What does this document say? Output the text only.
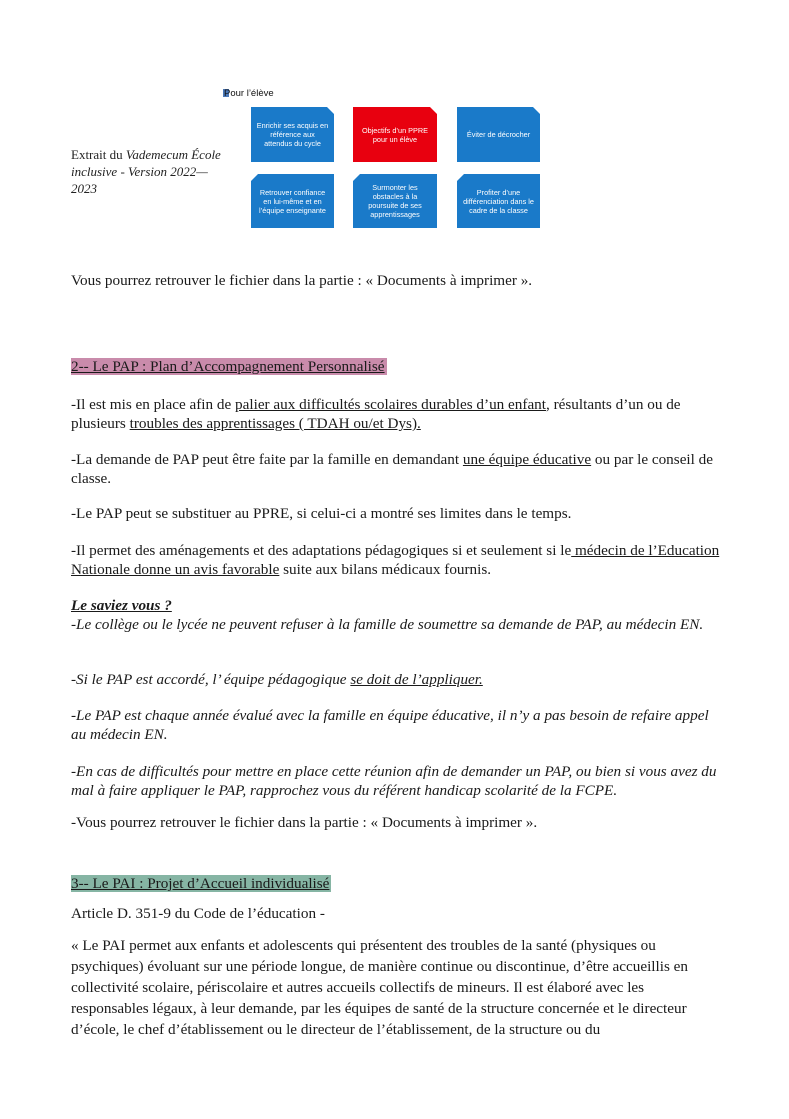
Extrait du Vademecum École inclusive - Version 2022—2023
Pour l’élève
Enrichir ses acquis en référence aux attendus du cycle
Objectifs d’un PPRE pour un élève	Éviter de décrocher
Retrouver confiance en lui-même et en l’équipe enseignante
Surmonter les obstacles à la poursuite de ses apprentissages
Profiter d’une différenciation dans le cadre de la classe
Vous pourrez retrouver le fichier dans la partie : « Documents à imprimer ».
2-- Le PAP : Plan d’Accompagnement Personnalisé
-Il est mis en place afin de palier aux difficultés scolaires durables d’un enfant, résultants d’un ou de plusieurs troubles des apprentissages ( TDAH ou/et Dys).
-La demande de PAP peut être faite par la famille en demandant une équipe éducative ou par le conseil de classe.
-Le PAP peut se substituer au PPRE, si celui-ci a montré ses limites dans le temps.
-Il permet des aménagements et des adaptations pédagogiques si et seulement si le médecin de l’Education Nationale donne un avis favorable suite aux bilans médicaux fournis.
Le saviez vous ?
-Le collège ou le lycée ne peuvent refuser à la famille de soumettre sa demande de PAP, au médecin EN.
-Si le PAP est accordé, l’ équipe pédagogique se doit de l’appliquer.
-Le PAP est chaque année évalué avec la famille en équipe éducative, il n’y a pas besoin de refaire appel au médecin EN.
-En cas de difficultés pour mettre en place cette réunion afin de demander un PAP, ou bien si vous avez du mal à faire appliquer le PAP, rapprochez vous du référent handicap scolarité de la FCPE.
-Vous pourrez retrouver le fichier dans la partie : « Documents à imprimer ».
3-- Le PAI : Projet d’Accueil individualisé
Article D. 351-9 du Code de l’éducation -
« Le PAI permet aux enfants et adolescents qui présentent des troubles de la santé (physiques ou psychiques) évoluant sur une période longue, de manière continue ou discontinue, d’être accueillis en collectivité scolaire, périscolaire et autres accueils collectifs de mineurs. Il est élaboré avec les responsables légaux, à leur demande, par les équipes de santé de la structure concernée et le directeur d’école, le chef d’établissement ou le directeur de l’établissement, de la structure ou du
